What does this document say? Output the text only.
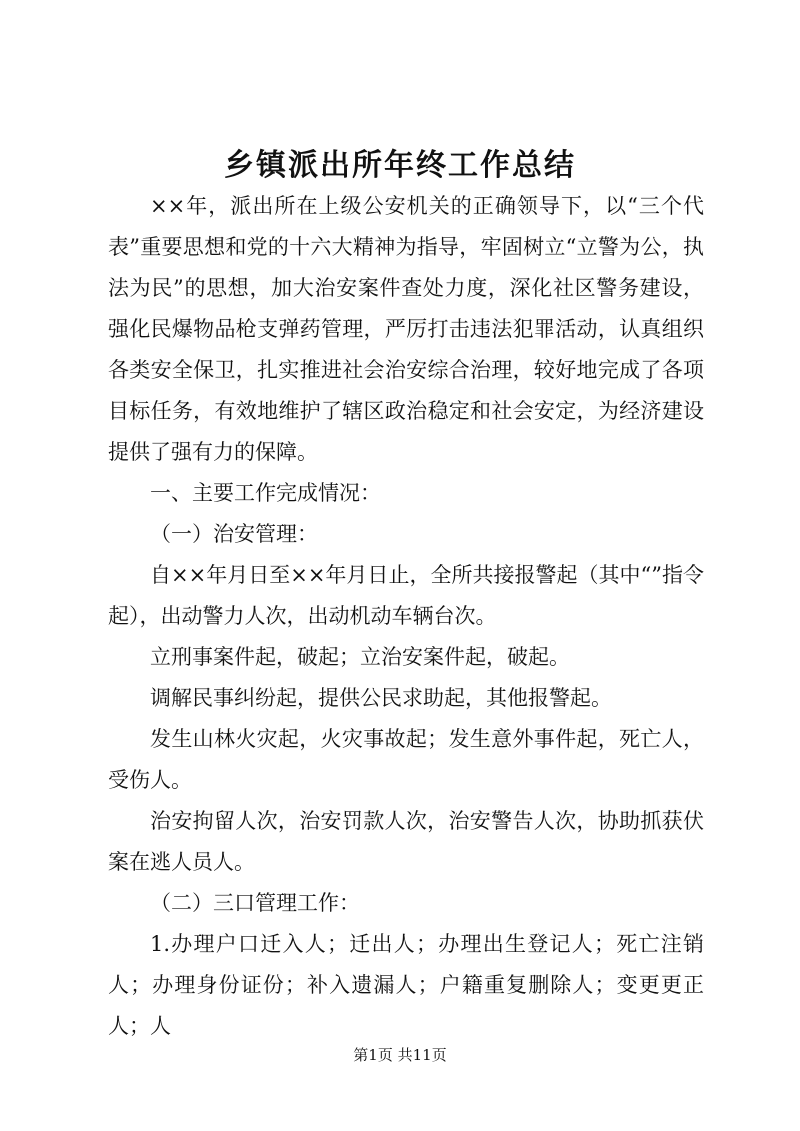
乡镇派出所年终工作总结

××年，派出所在上级公安机关的正确领导下，以“三个代表”重要思想和党的十六大精神为指导，牢固树立“立警为公，执法为民”的思想，加大治安案件查处力度，深化社区警务建设，强化民爆物品枪支弹药管理，严厉打击违法犯罪活动，认真组织各类安全保卫，扎实推进社会治安综合治理，较好地完成了各项目标任务，有效地维护了辖区政治稳定和社会安定，为经济建设提供了强有力的保障。

一、主要工作完成情况：

（一）治安管理：

自××年月日至××年月日止，全所共接报警起（其中“”指令起），出动警力人次，出动机动车辆台次。

立刑事案件起，破起；立治安案件起，破起。

调解民事纠纷起，提供公民求助起，其他报警起。

发生山林火灾起，火灾事故起；发生意外事件起，死亡人，受伤人。

治安拘留人次，治安罚款人次，治安警告人次，协助抓获伏案在逃人员人。

（二）三口管理工作：

1.办理户口迁入人；迁出人；办理出生登记人；死亡注销人；办理身份证份；补入遗漏人；户籍重复删除人；变更更正人；人

第1页 共11页
